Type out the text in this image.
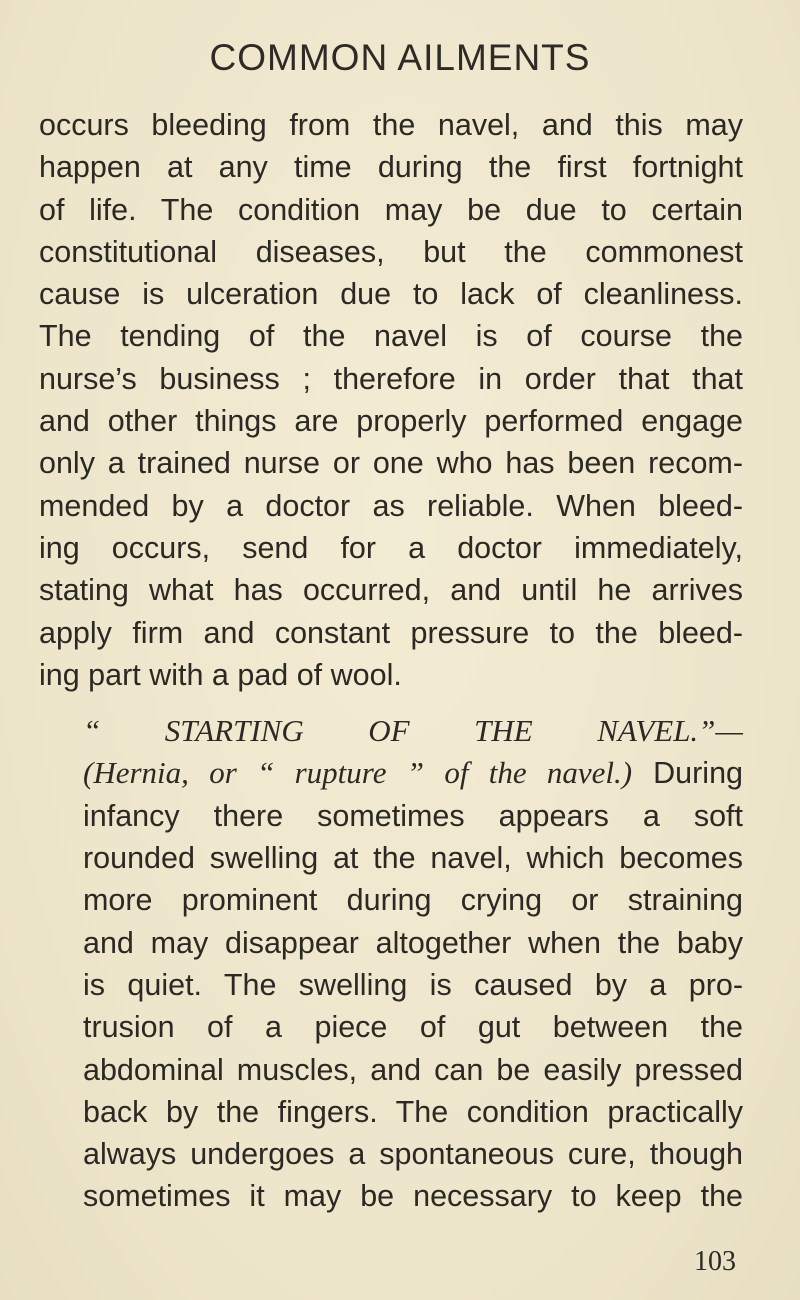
COMMON AILMENTS

occurs bleeding from the navel, and this may
happen at any time during the first fortnight
of life. The condition may be due to certain
constitutional diseases, but the commonest
cause is ulceration due to lack of cleanliness.
The tending of the navel is of course the
nurse’s business ; therefore in order that that
and other things are properly performed engage
only a trained nurse or one who has been recom-
mended by a doctor as reliable. When bleed-
ing occurs, send for a doctor immediately,
stating what has occurred, and until he arrives
apply firm and constant pressure to the bleed-
ing part with a pad of wool.

“ STARTING OF THE NAVEL.”—
(Hernia, or “ rupture ” of the navel.) During
infancy there sometimes appears a soft
rounded swelling at the navel, which becomes
more prominent during crying or straining
and may disappear altogether when the baby
is quiet. The swelling is caused by a pro-
trusion of a piece of gut between the
abdominal muscles, and can be easily pressed
back by the fingers. The condition practically
always undergoes a spontaneous cure, though
sometimes it may be necessary to keep the

103
